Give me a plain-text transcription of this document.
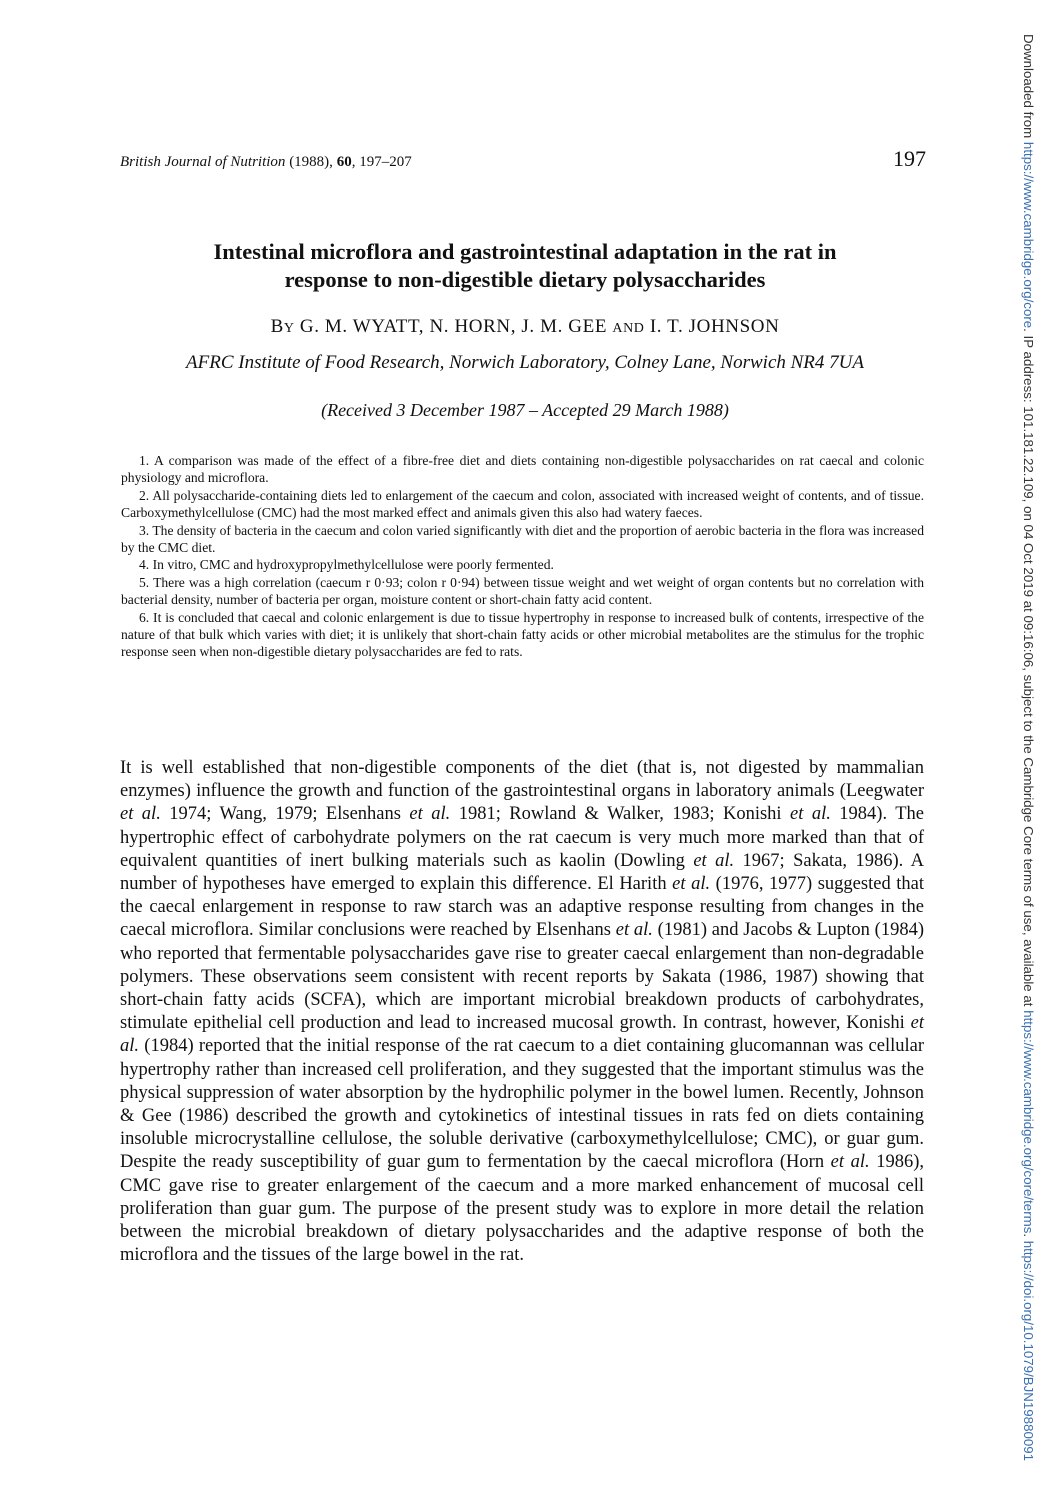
British Journal of Nutrition (1988), 60, 197–207	197
Intestinal microflora and gastrointestinal adaptation in the rat in
response to non-digestible dietary polysaccharides
BY G. M. WYATT, N. HORN, J. M. GEE AND I. T. JOHNSON
AFRC Institute of Food Research, Norwich Laboratory, Colney Lane, Norwich NR4 7UA
(Received 3 December 1987 – Accepted 29 March 1988)

1. A comparison was made of the effect of a fibre-free diet and diets containing non-digestible polysaccharides on rat caecal and colonic physiology and microflora.

2. All polysaccharide-containing diets led to enlargement of the caecum and colon, associated with increased weight of contents, and of tissue. Carboxymethylcellulose (CMC) had the most marked effect and animals given this also had watery faeces.

3. The density of bacteria in the caecum and colon varied significantly with diet and the proportion of aerobic bacteria in the flora was increased by the CMC diet.

4. In vitro, CMC and hydroxypropylmethylcellulose were poorly fermented.

5. There was a high correlation (caecum r 0·93; colon r 0·94) between tissue weight and wet weight of organ contents but no correlation with bacterial density, number of bacteria per organ, moisture content or short-chain fatty acid content.

6. It is concluded that caecal and colonic enlargement is due to tissue hypertrophy in response to increased bulk of contents, irrespective of the nature of that bulk which varies with diet; it is unlikely that short-chain fatty acids or other microbial metabolites are the stimulus for the trophic response seen when non-digestible dietary polysaccharides are fed to rats.

It is well established that non-digestible components of the diet (that is, not digested by mammalian enzymes) influence the growth and function of the gastrointestinal organs in laboratory animals (Leegwater et al. 1974; Wang, 1979; Elsenhans et al. 1981; Rowland & Walker, 1983; Konishi et al. 1984). The hypertrophic effect of carbohydrate polymers on the rat caecum is very much more marked than that of equivalent quantities of inert bulking materials such as kaolin (Dowling et al. 1967; Sakata, 1986). A number of hypotheses have emerged to explain this difference. El Harith et al. (1976, 1977) suggested that the caecal enlargement in response to raw starch was an adaptive response resulting from changes in the caecal microflora. Similar conclusions were reached by Elsenhans et al. (1981) and Jacobs & Lupton (1984) who reported that fermentable polysaccharides gave rise to greater caecal enlargement than non-degradable polymers. These observations seem consistent with recent reports by Sakata (1986, 1987) showing that short-chain fatty acids (SCFA), which are important microbial breakdown products of carbohydrates, stimulate epithelial cell production and lead to increased mucosal growth. In contrast, however, Konishi et al. (1984) reported that the initial response of the rat caecum to a diet containing glucomannan was cellular hypertrophy rather than increased cell proliferation, and they suggested that the important stimulus was the physical suppression of water absorption by the hydrophilic polymer in the bowel lumen. Recently, Johnson & Gee (1986) described the growth and cytokinetics of intestinal tissues in rats fed on diets containing insoluble microcrystalline cellulose, the soluble derivative (carboxymethylcellulose; CMC), or guar gum. Despite the ready susceptibility of guar gum to fermentation by the caecal microflora (Horn et al. 1986), CMC gave rise to greater enlargement of the caecum and a more marked enhancement of mucosal cell proliferation than guar gum. The purpose of the present study was to explore in more detail the relation between the microbial breakdown of dietary polysaccharides and the adaptive response of both the microflora and the tissues of the large bowel in the rat.

Downloaded from https://www.cambridge.org/core. IP address: 101.181.22.109, on 04 Oct 2019 at 09:16:06, subject to the Cambridge Core terms of use, available at https://www.cambridge.org/core/terms. https://doi.org/10.1079/BJN19880091
